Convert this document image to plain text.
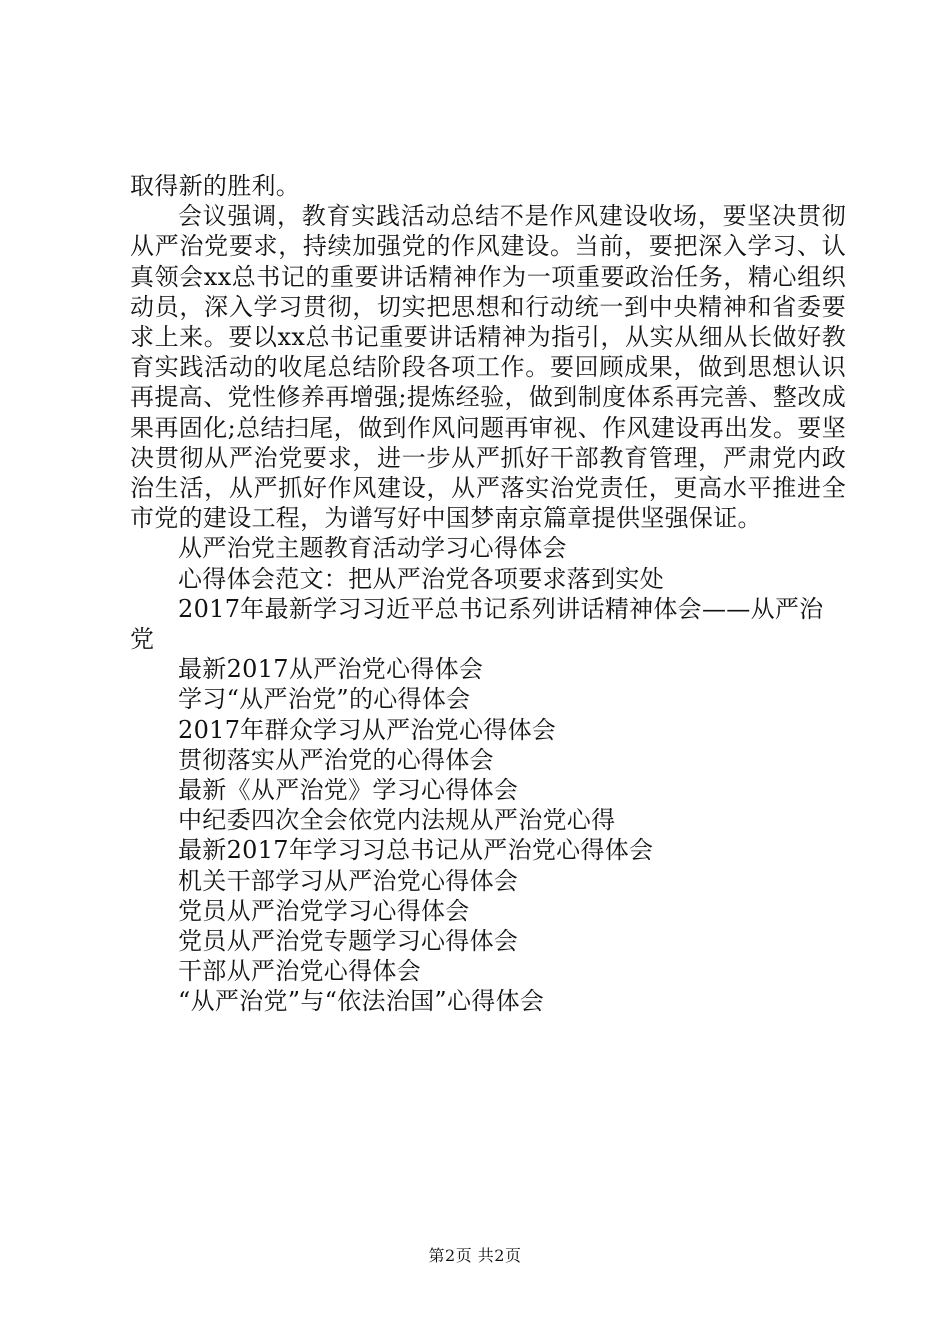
取得新的胜利。

会议强调，教育实践活动总结不是作风建设收场，要坚决贯彻从严治党要求，持续加强党的作风建设。当前，要把深入学习、认真领会xx总书记的重要讲话精神作为一项重要政治任务，精心组织动员，深入学习贯彻，切实把思想和行动统一到中央精神和省委要求上来。要以xx总书记重要讲话精神为指引，从实从细从长做好教育实践活动的收尾总结阶段各项工作。要回顾成果，做到思想认识再提高、党性修养再增强;提炼经验，做到制度体系再完善、整改成果再固化;总结扫尾，做到作风问题再审视、作风建设再出发。要坚决贯彻从严治党要求，进一步从严抓好干部教育管理，严肃党内政治生活，从严抓好作风建设，从严落实治党责任，更高水平推进全市党的建设工程，为谱写好中国梦南京篇章提供坚强保证。

从严治党主题教育活动学习心得体会
心得体会范文：把从严治党各项要求落到实处
2017年最新学习习近平总书记系列讲话精神体会——从严治党
最新2017从严治党心得体会
学习“从严治党”的心得体会
2017年群众学习从严治党心得体会
贯彻落实从严治党的心得体会
最新《从严治党》学习心得体会
中纪委四次全会依党内法规从严治党心得
最新2017年学习习总书记从严治党心得体会
机关干部学习从严治党心得体会
党员从严治党学习心得体会
党员从严治党专题学习心得体会
干部从严治党心得体会
“从严治党”与“依法治国”心得体会
第2页 共2页
